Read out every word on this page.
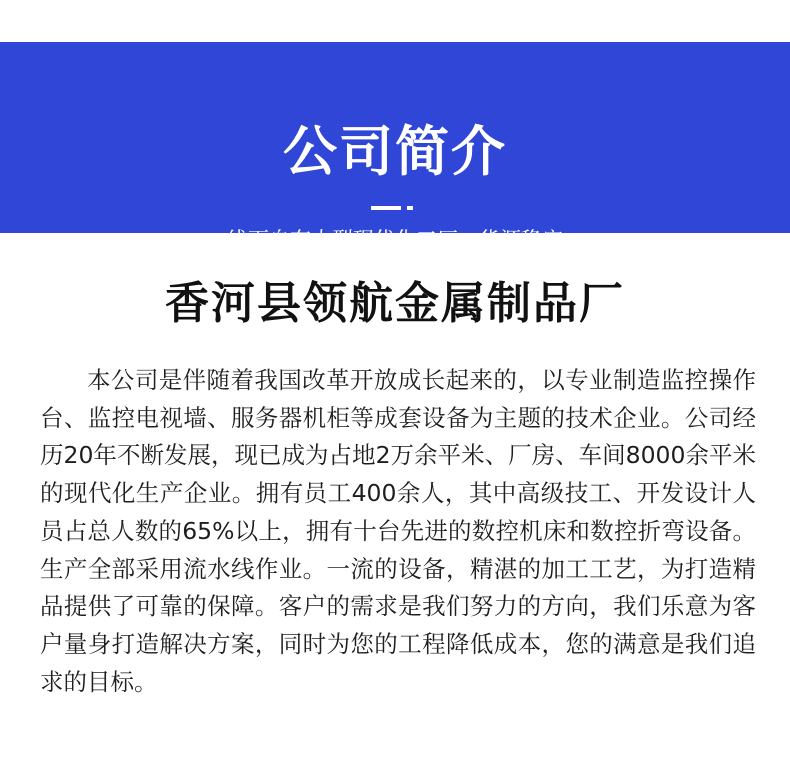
公司简介
线下自有大型现代化工厂，货源稳定
香河县领航金属制品厂

本公司是伴随着我国改革开放成长起来的，以专业制造监控操作台、监控电视墙、服务器机柜等成套设备为主题的技术企业。公司经历20年不断发展，现已成为占地2万余平米、厂房、车间8000余平米的现代化生产企业。拥有员工400余人，其中高级技工、开发设计人员占总人数的65%以上，拥有十台先进的数控机床和数控折弯设备。生产全部采用流水线作业。一流的设备，精湛的加工工艺，为打造精品提供了可靠的保障。客户的需求是我们努力的方向，我们乐意为客户量身打造解决方案，同时为您的工程降低成本，您的满意是我们追求的目标。
